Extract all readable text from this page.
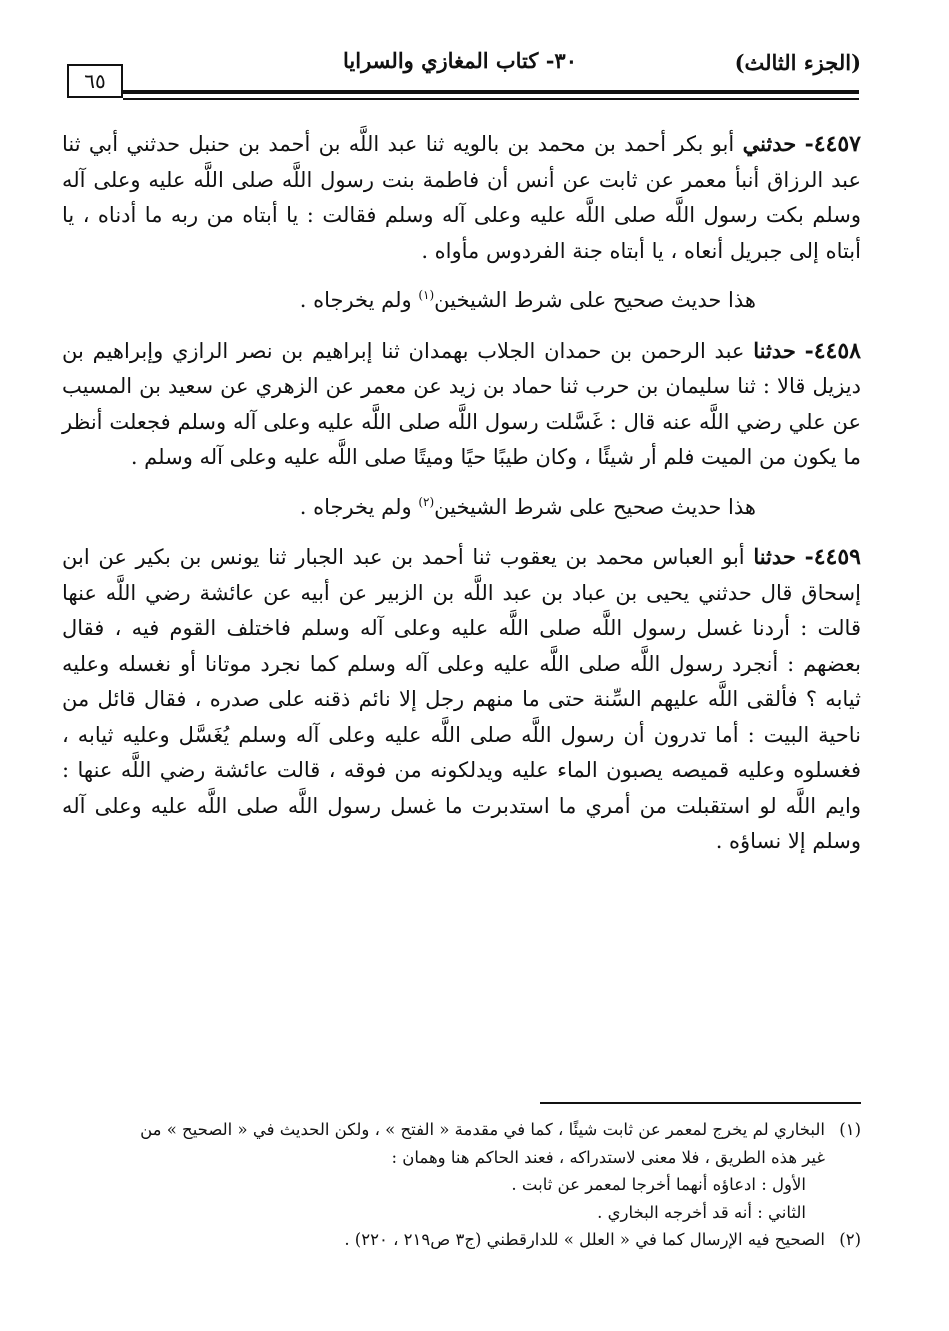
(الجزء الثالث)
٣٠- كتاب المغازي والسرايا
٦٥

٤٤٥٧- حدثني أبو بكر أحمد بن محمد بن بالويه ثنا عبد اللَّه بن أحمد بن حنبل حدثني أبي ثنا عبد الرزاق أنبأ معمر عن ثابت عن أنس أن فاطمة بنت رسول اللَّه صلى اللَّه عليه وعلى آله وسلم بكت رسول اللَّه صلى اللَّه عليه وعلى آله وسلم فقالت : يا أبتاه من ربه ما أدناه ، يا أبتاه إلى جبريل أنعاه ، يا أبتاه جنة الفردوس مأواه .

هذا حديث صحيح على شرط الشيخين$^{(١)}$ ولم يخرجاه .

٤٤٥٨- حدثنا عبد الرحمن بن حمدان الجلاب بهمدان ثنا إبراهيم بن نصر الرازي وإبراهيم بن ديزيل قالا : ثنا سليمان بن حرب ثنا حماد بن زيد عن معمر عن الزهري عن سعيد بن المسيب عن علي رضي اللَّه عنه قال : غَسَّلت رسول اللَّه صلى اللَّه عليه وعلى آله وسلم فجعلت أنظر ما يكون من الميت فلم أر شيئًا ، وكان طيبًا حيًا وميتًا صلى اللَّه عليه وعلى آله وسلم .

هذا حديث صحيح على شرط الشيخين$^{(٢)}$ ولم يخرجاه .

٤٤٥٩- حدثنا أبو العباس محمد بن يعقوب ثنا أحمد بن عبد الجبار ثنا يونس بن بكير عن ابن إسحاق قال حدثني يحيى بن عباد بن عبد اللَّه بن الزبير عن أبيه عن عائشة رضي اللَّه عنها قالت : أردنا غسل رسول اللَّه صلى اللَّه عليه وعلى آله وسلم فاختلف القوم فيه ، فقال بعضهم : أنجرد رسول اللَّه صلى اللَّه عليه وعلى آله وسلم كما نجرد موتانا أو نغسله وعليه ثيابه ؟ فألقى اللَّه عليهم السِّنة حتى ما منهم رجل إلا نائم ذقنه على صدره ، فقال قائل من ناحية البيت : أما تدرون أن رسول اللَّه صلى اللَّه عليه وعلى آله وسلم يُغَسَّل وعليه ثيابه ، فغسلوه وعليه قميصه يصبون الماء عليه ويدلكونه من فوقه ، قالت عائشة رضي اللَّه عنها : وايم اللَّه لو استقبلت من أمري ما استدبرت ما غسل رسول اللَّه صلى اللَّه عليه وعلى آله وسلم إلا نساؤه .

(١)البخاري لم يخرج لمعمر عن ثابت شيئًا ، كما في مقدمة « الفتح » ، ولكن الحديث في « الصحيح » من

غير هذه الطريق ، فلا معنى لاستدراكه ، فعند الحاكم هنا وهمان :

الأول : ادعاؤه أنهما أخرجا لمعمر عن ثابت .

الثاني : أنه قد أخرجه البخاري .

(٢)الصحيح فيه الإرسال كما في « العلل » للدارقطني (ج٣ ص٢١٩ ، ٢٢٠) .
